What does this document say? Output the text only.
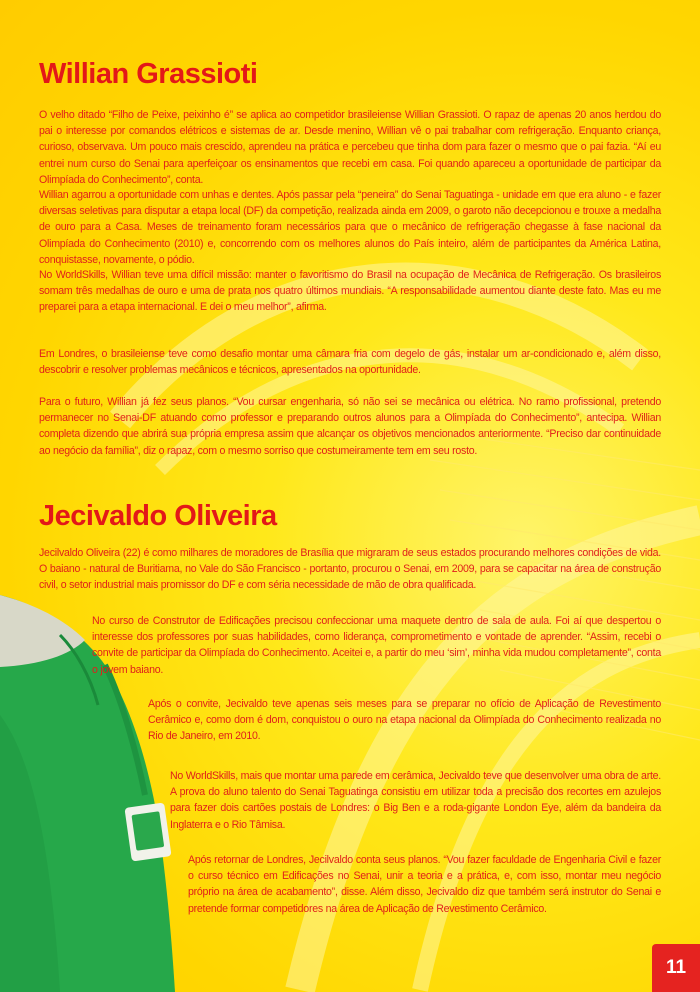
Willian Grassioti

O velho ditado “Filho de Peixe, peixinho é” se aplica ao competidor brasileiense Willian Grassioti. O rapaz de apenas 20 anos herdou do pai o interesse por comandos elétricos e sistemas de ar. Desde menino, Willian vê o pai trabalhar com refrigeração. Enquanto criança, curioso, observava. Um pouco mais crescido, aprendeu na prática e percebeu que tinha dom para fazer o mesmo que o pai fazia. “Aí eu entrei num curso do Senai para aperfeiçoar os ensinamentos que recebi em casa. Foi quando apareceu a oportunidade de participar da Olimpíada do Conhecimento”, conta.

Willian agarrou a oportunidade com unhas e dentes. Após passar pela “peneira” do Senai Taguatinga - unidade em que era aluno - e fazer diversas seletivas para disputar a etapa local (DF) da competição, realizada ainda em 2009, o garoto não decepcionou e trouxe a medalha de ouro para a Casa. Meses de treinamento foram necessários para que o mecânico de refrigeração chegasse à fase nacional da Olimpíada do Conhecimento (2010) e, concorrendo com os melhores alunos do País inteiro, além de participantes da América Latina, conquistasse, novamente, o pódio.

No WorldSkills, Willian teve uma difícil missão: manter o favoritismo do Brasil na ocupação de Mecânica de Refrigeração. Os brasileiros somam três medalhas de ouro e uma de prata nos quatro últimos mundiais. “A responsabilidade aumentou diante deste fato. Mas eu me preparei para a etapa internacional. E dei o meu melhor”, afirma.

Em Londres, o brasileiense teve como desafio montar uma câmara fria com degelo de gás, instalar um ar-condicionado e, além disso, descobrir e resolver problemas mecânicos e técnicos, apresentados na oportunidade.

Para o futuro, Willian já fez seus planos. “Vou cursar engenharia, só não sei se mecânica ou elétrica. No ramo profissional, pretendo permanecer no Senai-DF atuando como professor e preparando outros alunos para a Olimpíada do Conhecimento”, antecipa. Willian completa dizendo que abrirá sua própria empresa assim que alcançar os objetivos mencionados anteriormente. “Preciso dar continuidade ao negócio da família”, diz o rapaz, com o mesmo sorriso que costumeiramente tem em seu rosto.

Jecivaldo Oliveira

Jecilvaldo Oliveira (22) é como milhares de moradores de Brasília que migraram de seus estados procurando melhores condições de vida. O baiano - natural de Buritiama, no Vale do São Francisco - portanto, procurou o Senai, em 2009, para se capacitar na área de construção civil, o setor industrial mais promissor do DF e com séria necessidade de mão de obra qualificada.

No curso de Construtor de Edificações precisou confeccionar uma maquete dentro de sala de aula. Foi aí que despertou o interesse dos professores por suas habilidades, como liderança, comprometimento e vontade de aprender. “Assim, recebi o convite de participar da Olimpíada do Conhecimento. Aceitei e, a partir do meu ‘sim’, minha vida mudou completamente”, conta o jovem baiano.

Após o convite, Jecivaldo teve apenas seis meses para se preparar no ofício de Aplicação de Revestimento Cerâmico e, como dom é dom, conquistou o ouro na etapa nacional da Olimpíada do Conhecimento realizada no Rio de Janeiro, em 2010.

No WorldSkills, mais que montar uma parede em cerâmica, Jecivaldo teve que desenvolver uma obra de arte. A prova do aluno talento do Senai Taguatinga consistiu em utilizar toda a precisão dos recortes em azulejos para fazer dois cartões postais de Londres: o Big Ben e a roda-gigante London Eye, além da bandeira da Inglaterra e o Rio Tâmisa.

Após retornar de Londres, Jecilvaldo conta seus planos. “Vou fazer faculdade de Engenharia Civil e fazer o curso técnico em Edificações no Senai, unir a teoria e a prática, e, com isso, montar meu negócio próprio na área de acabamento”, disse. Além disso, Jecivaldo diz que também será instrutor do Senai e pretende formar competidores na área de Aplicação de Revestimento Cerâmico.

11
